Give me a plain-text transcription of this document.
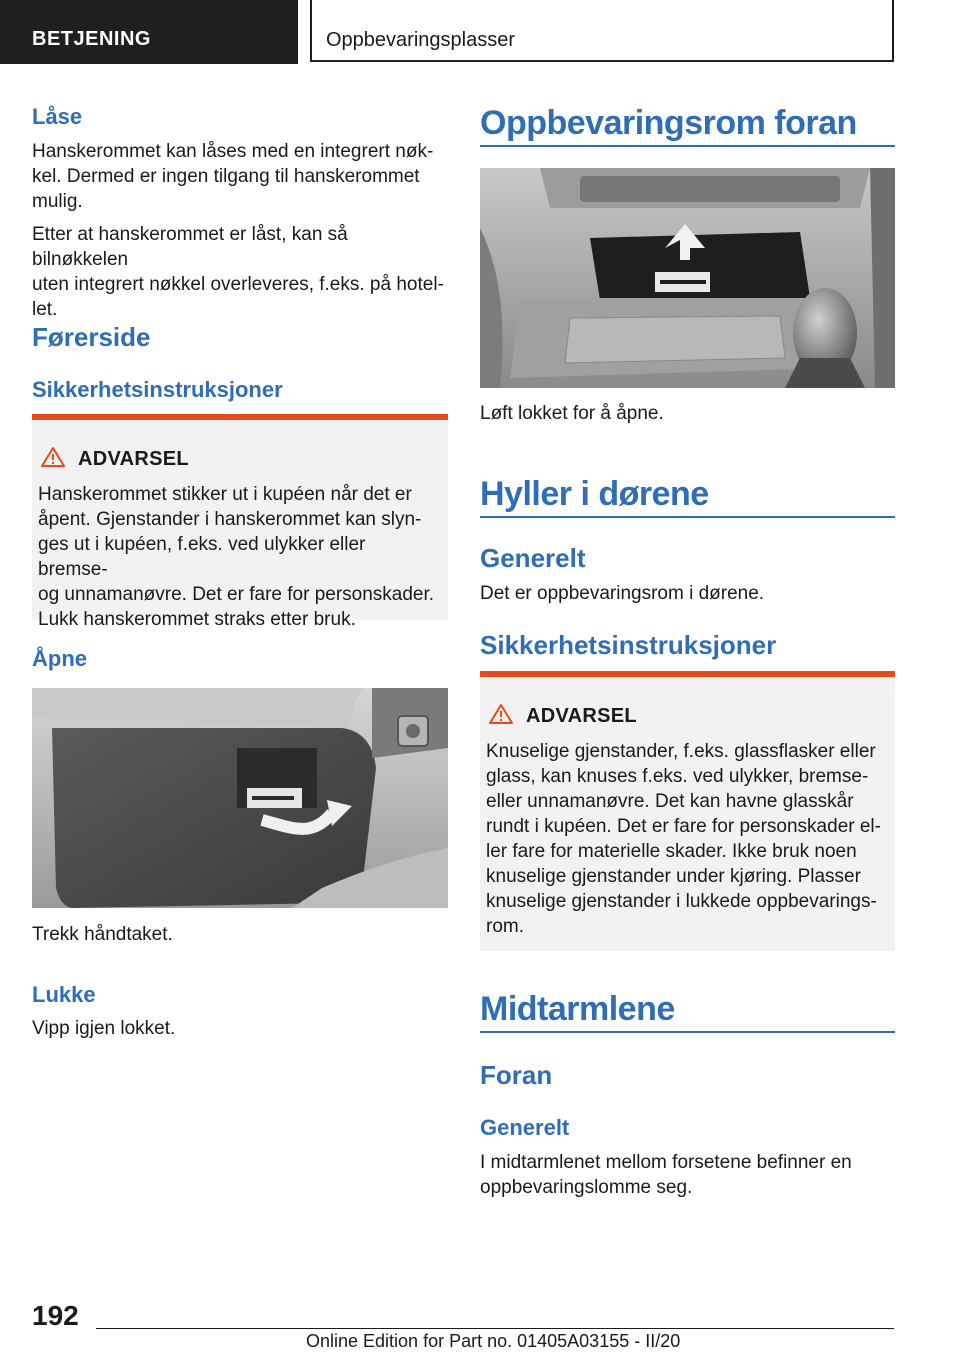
BETJENING	Oppbevaringsplasser
Låse
Hanskerommet kan låses med en integrert nøk-
kel. Dermed er ingen tilgang til hanskerommet
mulig.
Etter at hanskerommet er låst, kan så bilnøkkelen
uten integrert nøkkel overleveres, f.eks. på hotel-
let.
Førerside
Sikkerhetsinstruksjoner
ADVARSEL
Hanskerommet stikker ut i kupéen når det er
åpent. Gjenstander i hanskerommet kan slyn-
ges ut i kupéen, f.eks. ved ulykker eller bremse-
og unnamanøvre. Det er fare for personskader.
Lukk hanskerommet straks etter bruk.
Åpne
Trekk håndtaket.
Lukke
Vipp igjen lokket.
Oppbevaringsrom foran
Løft lokket for å åpne.
Hyller i dørene
Generelt
Det er oppbevaringsrom i dørene.
Sikkerhetsinstruksjoner
ADVARSEL
Knuselige gjenstander, f.eks. glassflasker eller
glass, kan knuses f.eks. ved ulykker, bremse-
eller unnamanøvre. Det kan havne glasskår
rundt i kupéen. Det er fare for personskader el-
ler fare for materielle skader. Ikke bruk noen
knuselige gjenstander under kjøring. Plasser
knuselige gjenstander i lukkede oppbevarings-
rom.
Midtarmlene
Foran
Generelt
I midtarmlenet mellom forsetene befinner en
oppbevaringslomme seg.
192
Online Edition for Part no. 01405A03155 - II/20
